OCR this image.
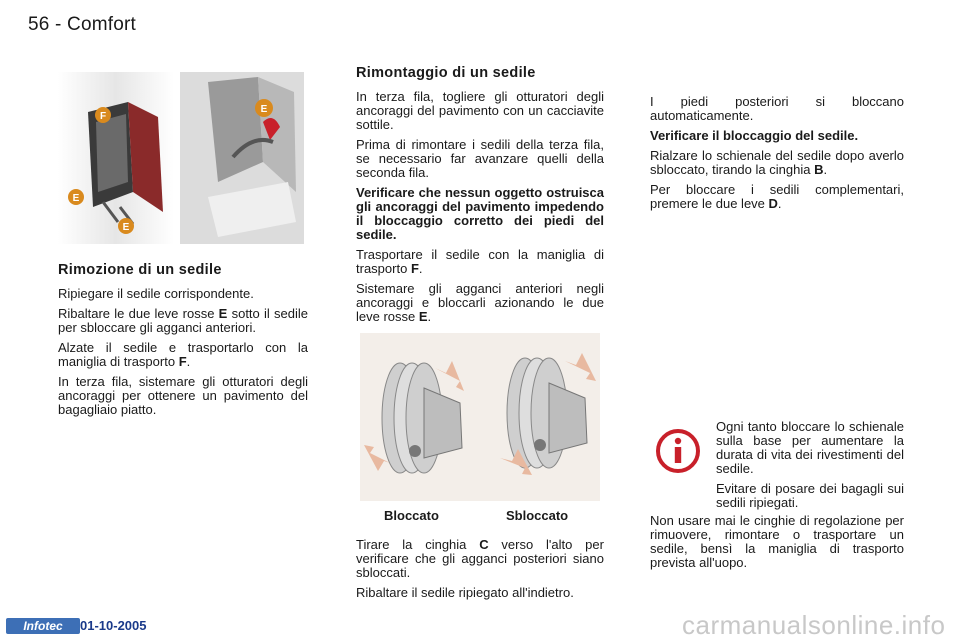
56 - Comfort
F
E
E
E
Rimozione di un sedile

Ripiegare il sedile corrispondente.

Ribaltare le due leve rosse E sotto il sedile per sbloccare gli agganci anteriori.

Alzate il sedile e trasportarlo con la maniglia di trasporto F.

In terza fila, sistemare gli otturatori degli ancoraggi per ottenere un pavimento del bagagliaio piatto.

Rimontaggio di un sedile

In terza fila, togliere gli otturatori degli ancoraggi del pavimento con un cacciavite sottile.

Prima di rimontare i sedili della terza fila, se necessario far avanzare quelli della seconda fila.

Verificare che nessun oggetto ostruisca gli ancoraggi del pavimento impedendo il bloccaggio corretto dei piedi del sedile.

Trasportare il sedile con la maniglia di trasporto F.

Sistemare gli agganci anteriori negli ancoraggi e bloccarli azionando le due leve rosse E.

Bloccato	Sbloccato

Tirare la cinghia C verso l'alto per verificare che gli agganci posteriori siano sbloccati.

Ribaltare il sedile ripiegato all'indietro.

I piedi posteriori si bloccano automaticamente.

Verificare il bloccaggio del sedile.

Rialzare lo schienale del sedile dopo averlo sbloccato, tirando la cinghia B.

Per bloccare i sedili complementari, premere le due leve D.

Ogni tanto bloccare lo schienale sulla base per aumentare la durata di vita dei rivestimenti del sedile.

Evitare di posare dei bagagli sui sedili ripiegati.

Non usare mai le cinghie di regolazione per rimuovere, rimontare o trasportare un sedile, bensì la maniglia di trasporto prevista all'uopo.

Infotec	01-10-2005	carmanualsonline.info
